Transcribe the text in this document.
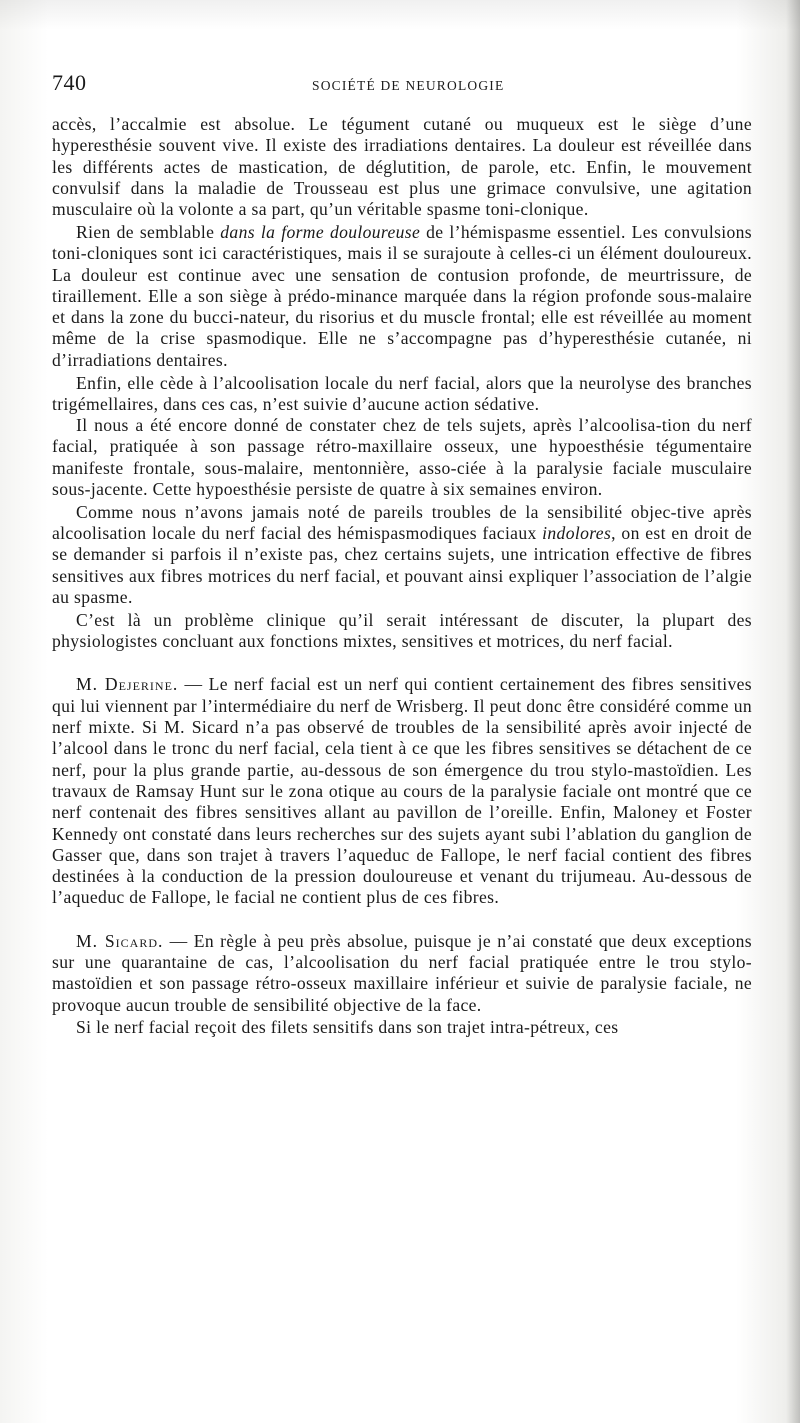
740	SOCIÉTÉ DE NEUROLOGIE

accès, l’accalmie est absolue. Le tégument cutané ou muqueux est le siège d’une hyperesthésie souvent vive. Il existe des irradiations dentaires. La douleur est réveillée dans les différents actes de mastication, de déglutition, de parole, etc. Enfin, le mouvement convulsif dans la maladie de Trousseau est plus une grimace convulsive, une agitation musculaire où la volonte a sa part, qu’un véritable spasme toni-clonique.

Rien de semblable dans la forme douloureuse de l’hémispasme essentiel. Les convulsions toni-cloniques sont ici caractéristiques, mais il se surajoute à celles-ci un élément douloureux. La douleur est continue avec une sensation de contusion profonde, de meurtrissure, de tiraillement. Elle a son siège à prédo-minance marquée dans la région profonde sous-malaire et dans la zone du bucci-nateur, du risorius et du muscle frontal; elle est réveillée au moment même de la crise spasmodique. Elle ne s’accompagne pas d’hyperesthésie cutanée, ni d’irradiations dentaires.

Enfin, elle cède à l’alcoolisation locale du nerf facial, alors que la neurolyse des branches trigémellaires, dans ces cas, n’est suivie d’aucune action sédative.

Il nous a été encore donné de constater chez de tels sujets, après l’alcoolisa-tion du nerf facial, pratiquée à son passage rétro-maxillaire osseux, une hypoesthésie tégumentaire manifeste frontale, sous-malaire, mentonnière, asso-ciée à la paralysie faciale musculaire sous-jacente. Cette hypoesthésie persiste de quatre à six semaines environ.

Comme nous n’avons jamais noté de pareils troubles de la sensibilité objec-tive après alcoolisation locale du nerf facial des hémispasmodiques faciaux indolores, on est en droit de se demander si parfois il n’existe pas, chez certains sujets, une intrication effective de fibres sensitives aux fibres motrices du nerf facial, et pouvant ainsi expliquer l’association de l’algie au spasme.

C’est là un problème clinique qu’il serait intéressant de discuter, la plupart des physiologistes concluant aux fonctions mixtes, sensitives et motrices, du nerf facial.

M. Dejerine. — Le nerf facial est un nerf qui contient certainement des fibres sensitives qui lui viennent par l’intermédiaire du nerf de Wrisberg. Il peut donc être considéré comme un nerf mixte. Si M. Sicard n’a pas observé de troubles de la sensibilité après avoir injecté de l’alcool dans le tronc du nerf facial, cela tient à ce que les fibres sensitives se détachent de ce nerf, pour la plus grande partie, au-dessous de son émergence du trou stylo-mastoïdien. Les travaux de Ramsay Hunt sur le zona otique au cours de la paralysie faciale ont montré que ce nerf contenait des fibres sensitives allant au pavillon de l’oreille. Enfin, Maloney et Foster Kennedy ont constaté dans leurs recherches sur des sujets ayant subi l’ablation du ganglion de Gasser que, dans son trajet à travers l’aqueduc de Fallope, le nerf facial contient des fibres destinées à la conduction de la pression douloureuse et venant du trijumeau. Au-dessous de l’aqueduc de Fallope, le facial ne contient plus de ces fibres.

M. Sicard. — En règle à peu près absolue, puisque je n’ai constaté que deux exceptions sur une quarantaine de cas, l’alcoolisation du nerf facial pratiquée entre le trou stylo-mastoïdien et son passage rétro-osseux maxillaire inférieur et suivie de paralysie faciale, ne provoque aucun trouble de sensibilité objective de la face.

Si le nerf facial reçoit des filets sensitifs dans son trajet intra-pétreux, ces
